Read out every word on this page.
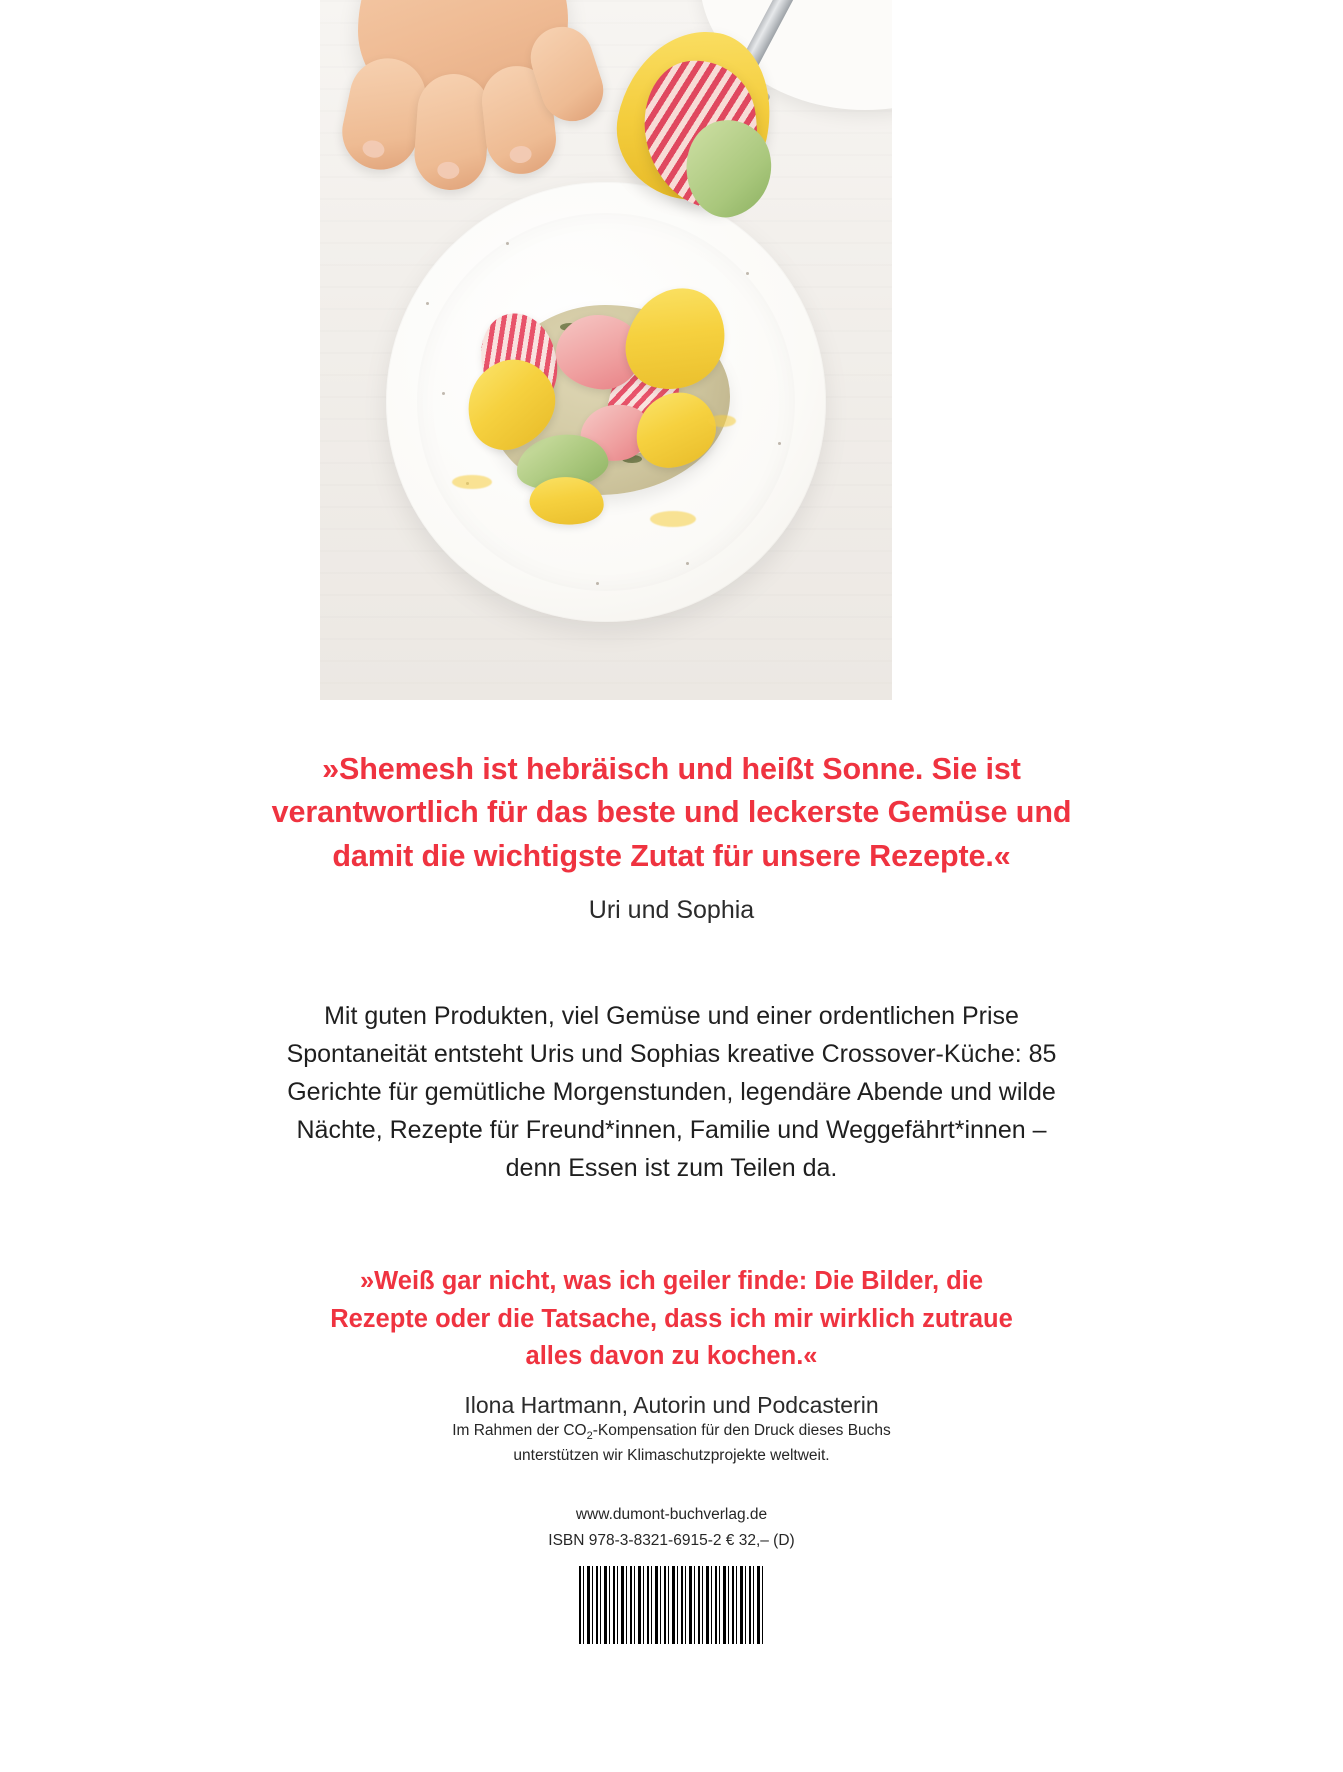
»Shemesh ist hebräisch und heißt Sonne. Sie ist verantwortlich für das beste und leckerste Gemüse und damit die wichtigste Zutat für unsere Rezepte.«
Uri und Sophia
Mit guten Produkten, viel Gemüse und einer ordentlichen Prise Spontaneität entsteht Uris und Sophias kreative Crossover-Küche: 85 Gerichte für gemütliche Morgenstunden, legendäre Abende und wilde Nächte, Rezepte für Freund*innen, Familie und Weggefährt*innen – denn Essen ist zum Teilen da.
»Weiß gar nicht, was ich geiler finde: Die Bilder, die Rezepte oder die Tatsache, dass ich mir wirklich zutraue alles davon zu kochen.«
Ilona Hartmann, Autorin und Podcasterin
Im Rahmen der $CO_2$-Kompensation für den Druck dieses Buchs
unterstützen wir Klimaschutzprojekte weltweit.
www.dumont-buchverlag.de
ISBN 978-3-8321-6915-2 € 32,– (D)
